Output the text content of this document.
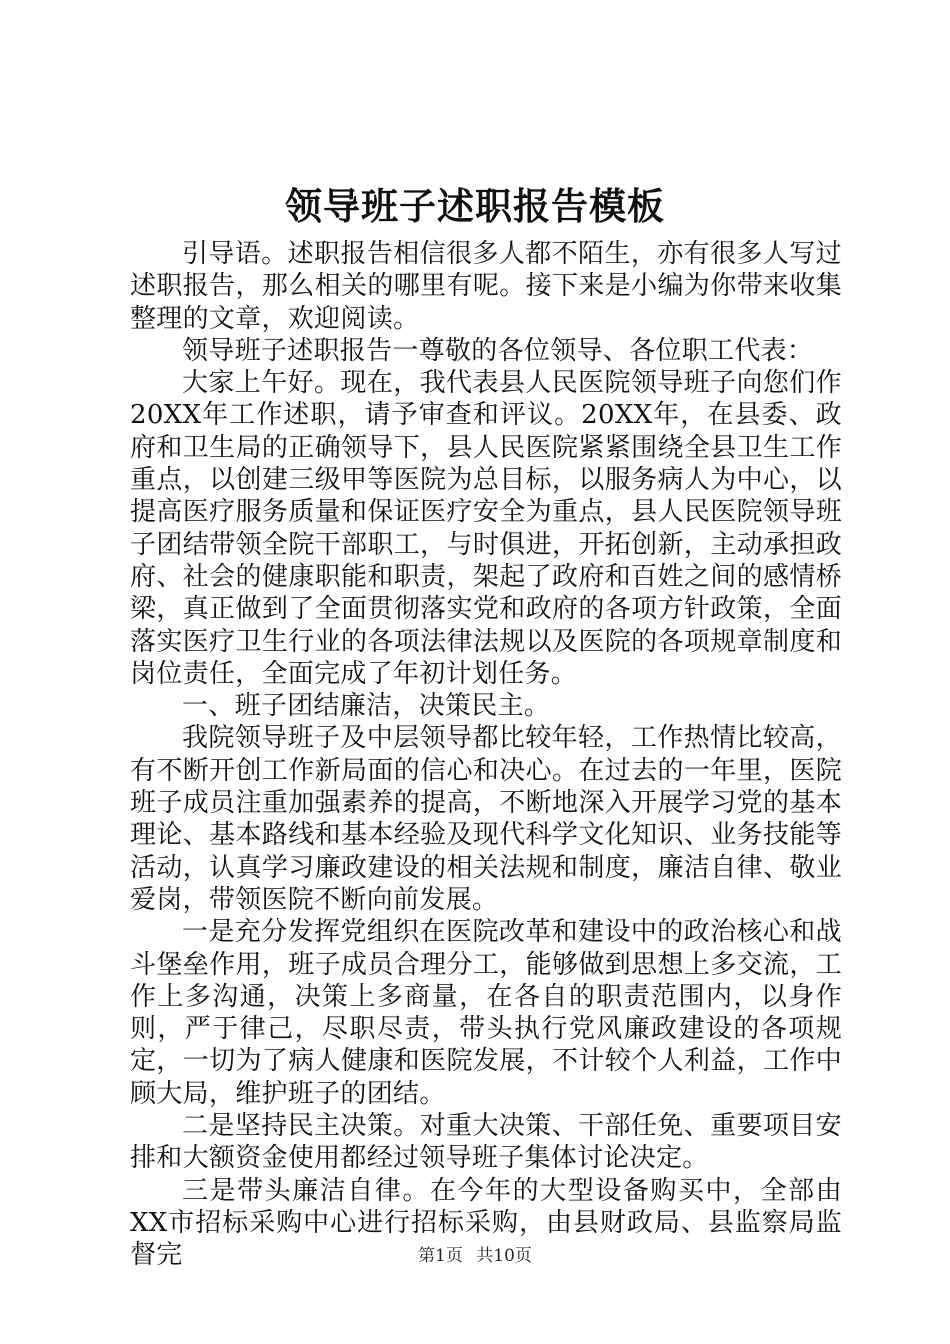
领导班子述职报告模板

引导语。述职报告相信很多人都不陌生，亦有很多人写过述职报告，那么相关的哪里有呢。接下来是小编为你带来收集整理的文章，欢迎阅读。

领导班子述职报告一尊敬的各位领导、各位职工代表：

大家上午好。现在，我代表县人民医院领导班子向您们作20XX年工作述职，请予审查和评议。20XX年，在县委、政府和卫生局的正确领导下，县人民医院紧紧围绕全县卫生工作重点，以创建三级甲等医院为总目标，以服务病人为中心，以提高医疗服务质量和保证医疗安全为重点，县人民医院领导班子团结带领全院干部职工，与时俱进，开拓创新，主动承担政府、社会的健康职能和职责，架起了政府和百姓之间的感情桥梁，真正做到了全面贯彻落实党和政府的各项方针政策，全面落实医疗卫生行业的各项法律法规以及医院的各项规章制度和岗位责任，全面完成了年初计划任务。

一、班子团结廉洁，决策民主。

我院领导班子及中层领导都比较年轻，工作热情比较高，有不断开创工作新局面的信心和决心。在过去的一年里，医院班子成员注重加强素养的提高，不断地深入开展学习党的基本理论、基本路线和基本经验及现代科学文化知识、业务技能等活动，认真学习廉政建设的相关法规和制度，廉洁自律、敬业爱岗，带领医院不断向前发展。

一是充分发挥党组织在医院改革和建设中的政治核心和战斗堡垒作用，班子成员合理分工，能够做到思想上多交流，工作上多沟通，决策上多商量，在各自的职责范围内，以身作则，严于律己，尽职尽责，带头执行党风廉政建设的各项规定，一切为了病人健康和医院发展，不计较个人利益，工作中顾大局，维护班子的团结。

二是坚持民主决策。对重大决策、干部任免、重要项目安排和大额资金使用都经过领导班子集体讨论决定。

三是带头廉洁自律。在今年的大型设备购买中，全部由XX市招标采购中心进行招标采购，由县财政局、县监察局监督完	第1页 共10页
